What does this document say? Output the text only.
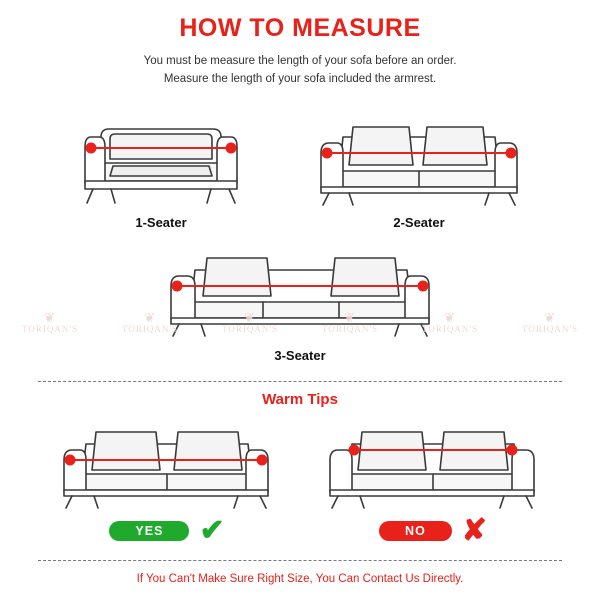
HOW TO MEASURE
You must be measure the length of your sofa before an order.
Measure the length of your sofa included the armrest.
1-Seater	2-Seater
❦
TORIQAN'S
❦
TORIQAN'S
❦
TORIQAN'S
❦
TORIQAN'S
❦
TORIQAN'S
❦
TORIQAN'S
3-Seater
Warm Tips
YES	✔	NO	✘
If You Can't Make Sure Right Size, You Can Contact Us Directly.
